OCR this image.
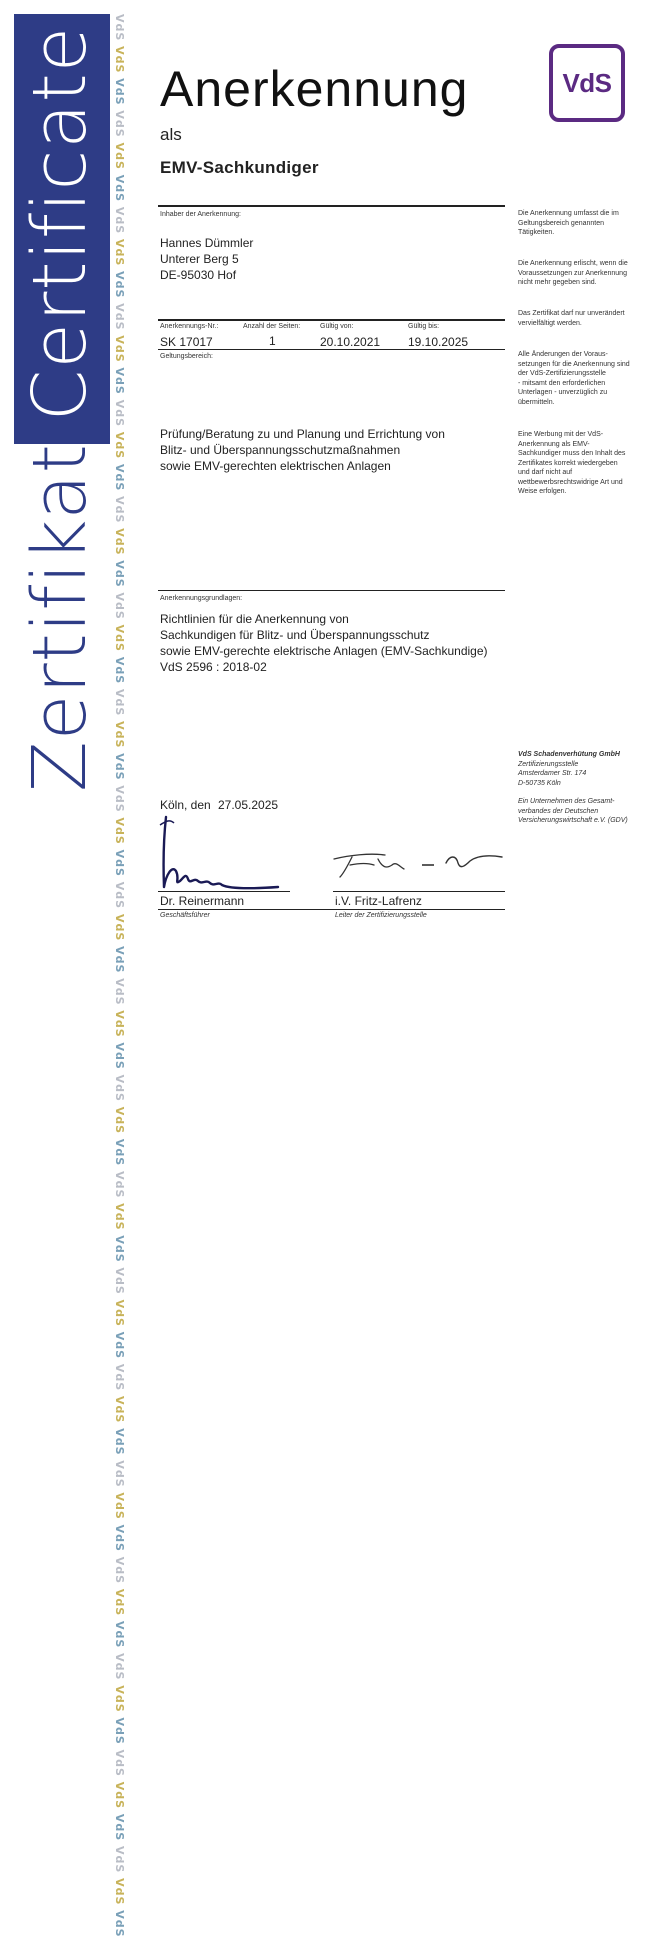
ZertifikatCertificate VdS VdS VdS VdS VdS VdS VdS VdS VdS VdS VdS VdS VdS VdS VdS VdS VdS VdS VdS VdS VdS VdS VdS VdS VdS VdS VdS VdS VdS VdS VdS VdS VdS VdS VdS VdS VdS VdS VdS VdS VdS VdS VdS VdS VdS VdS VdS VdS VdS VdS VdS VdS VdS VdS VdS VdS VdS VdS VdS VdS
Anerkennung
als
EMV-Sachkundiger
VdS
Inhaber der Anerkennung:
Hannes Dümmler
Unterer Berg 5
DE-95030 Hof
Anerkennungs-Nr.:	Anzahl der Seiten:	Gültig von:	Gültig bis:
SK 17017	1	20.10.2021 19.10.2025
Geltungsbereich:
Prüfung/Beratung zu und Planung und Errichtung von
Blitz- und Überspannungsschutzmaßnahmen
sowie EMV-gerechten elektrischen Anlagen
Anerkennungsgrundlagen:
Richtlinien für die Anerkennung von
Sachkundigen für Blitz- und Überspannungsschutz
sowie EMV-gerechte elektrische Anlagen (EMV-Sachkundige)
VdS 2596 : 2018-02
Die Anerkennung umfasst die im
Geltungsbereich genannten
Tätigkeiten.
Die Anerkennung erlischt, wenn die
Voraussetzungen zur Anerkennung
nicht mehr gegeben sind.
Das Zertifikat darf nur unverändert
vervielfältigt werden.
Alle Änderungen der Voraus-
setzungen für die Anerkennung sind
der VdS-Zertifizierungsstelle
- mitsamt den erforderlichen
Unterlagen - unverzüglich zu
übermitteln.
Eine Werbung mit der VdS-
Anerkennung als EMV-
Sachkundiger muss den Inhalt des
Zertifikates korrekt wiedergeben
und darf nicht auf
wettbewerbsrechtswidrige Art und
Weise erfolgen.
VdS Schadenverhütung GmbH
Zertifizierungsstelle
Amsterdamer Str. 174
D-50735 Köln
Ein Unternehmen des Gesamt-
verbandes der Deutschen
Versicherungswirtschaft e.V. (GDV)
Köln, den 27.05.2025
Dr. Reinermann	i.V. Fritz-Lafrenz
Geschäftsführer	Leiter der Zertifizierungsstelle
